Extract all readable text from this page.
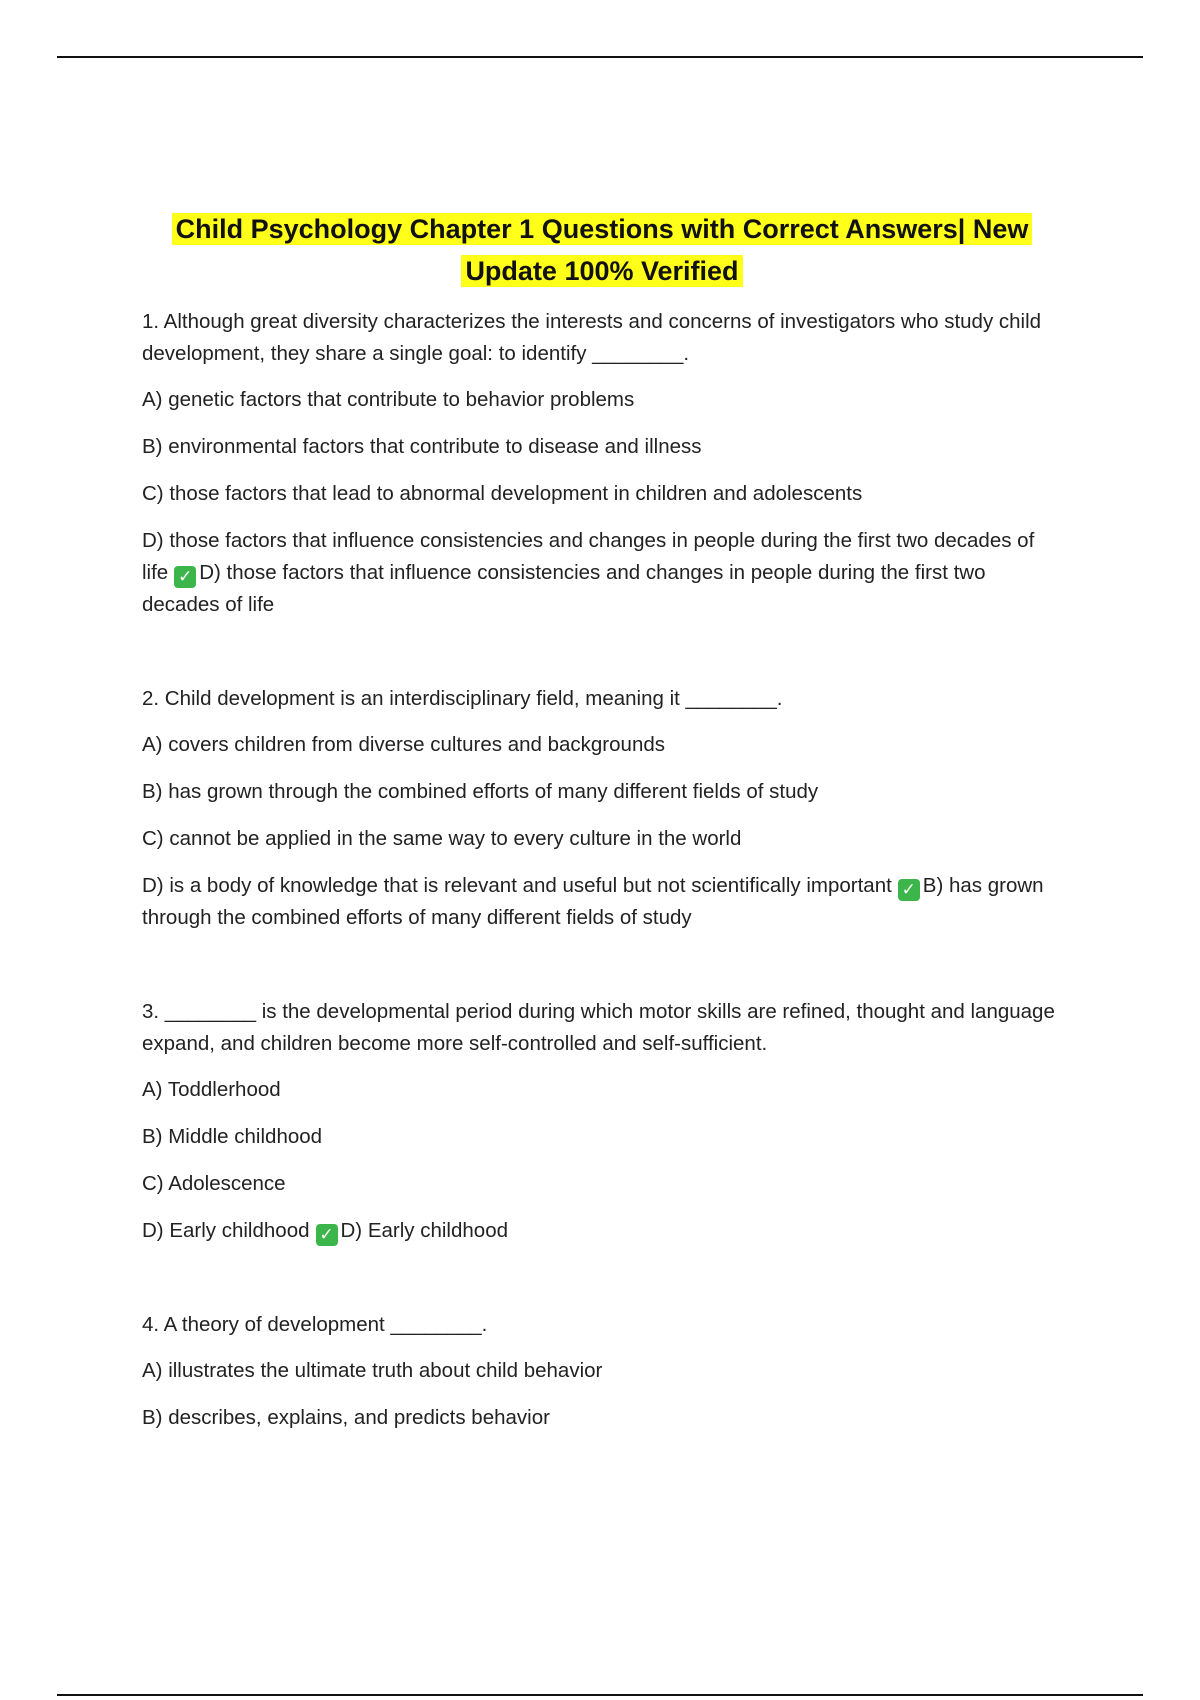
Child Psychology Chapter 1 Questions with Correct Answers| New
Update 100% Verified

1. Although great diversity characterizes the interests and concerns of investigators who study child development, they share a single goal: to identify ________.

A) genetic factors that contribute to behavior problems

B) environmental factors that contribute to disease and illness

C) those factors that lead to abnormal development in children and adolescents

D) those factors that influence consistencies and changes in people during the first two decades of life ✓ D) those factors that influence consistencies and changes in people during the first two decades of life

2. Child development is an interdisciplinary field, meaning it ________.

A) covers children from diverse cultures and backgrounds

B) has grown through the combined efforts of many different fields of study

C) cannot be applied in the same way to every culture in the world

D) is a body of knowledge that is relevant and useful but not scientifically important ✓ B) has grown through the combined efforts of many different fields of study

3. ________ is the developmental period during which motor skills are refined, thought and language expand, and children become more self-controlled and self-sufficient.

A) Toddlerhood

B) Middle childhood

C) Adolescence

D) Early childhood ✓ D) Early childhood

4. A theory of development ________.

A) illustrates the ultimate truth about child behavior

B) describes, explains, and predicts behavior
